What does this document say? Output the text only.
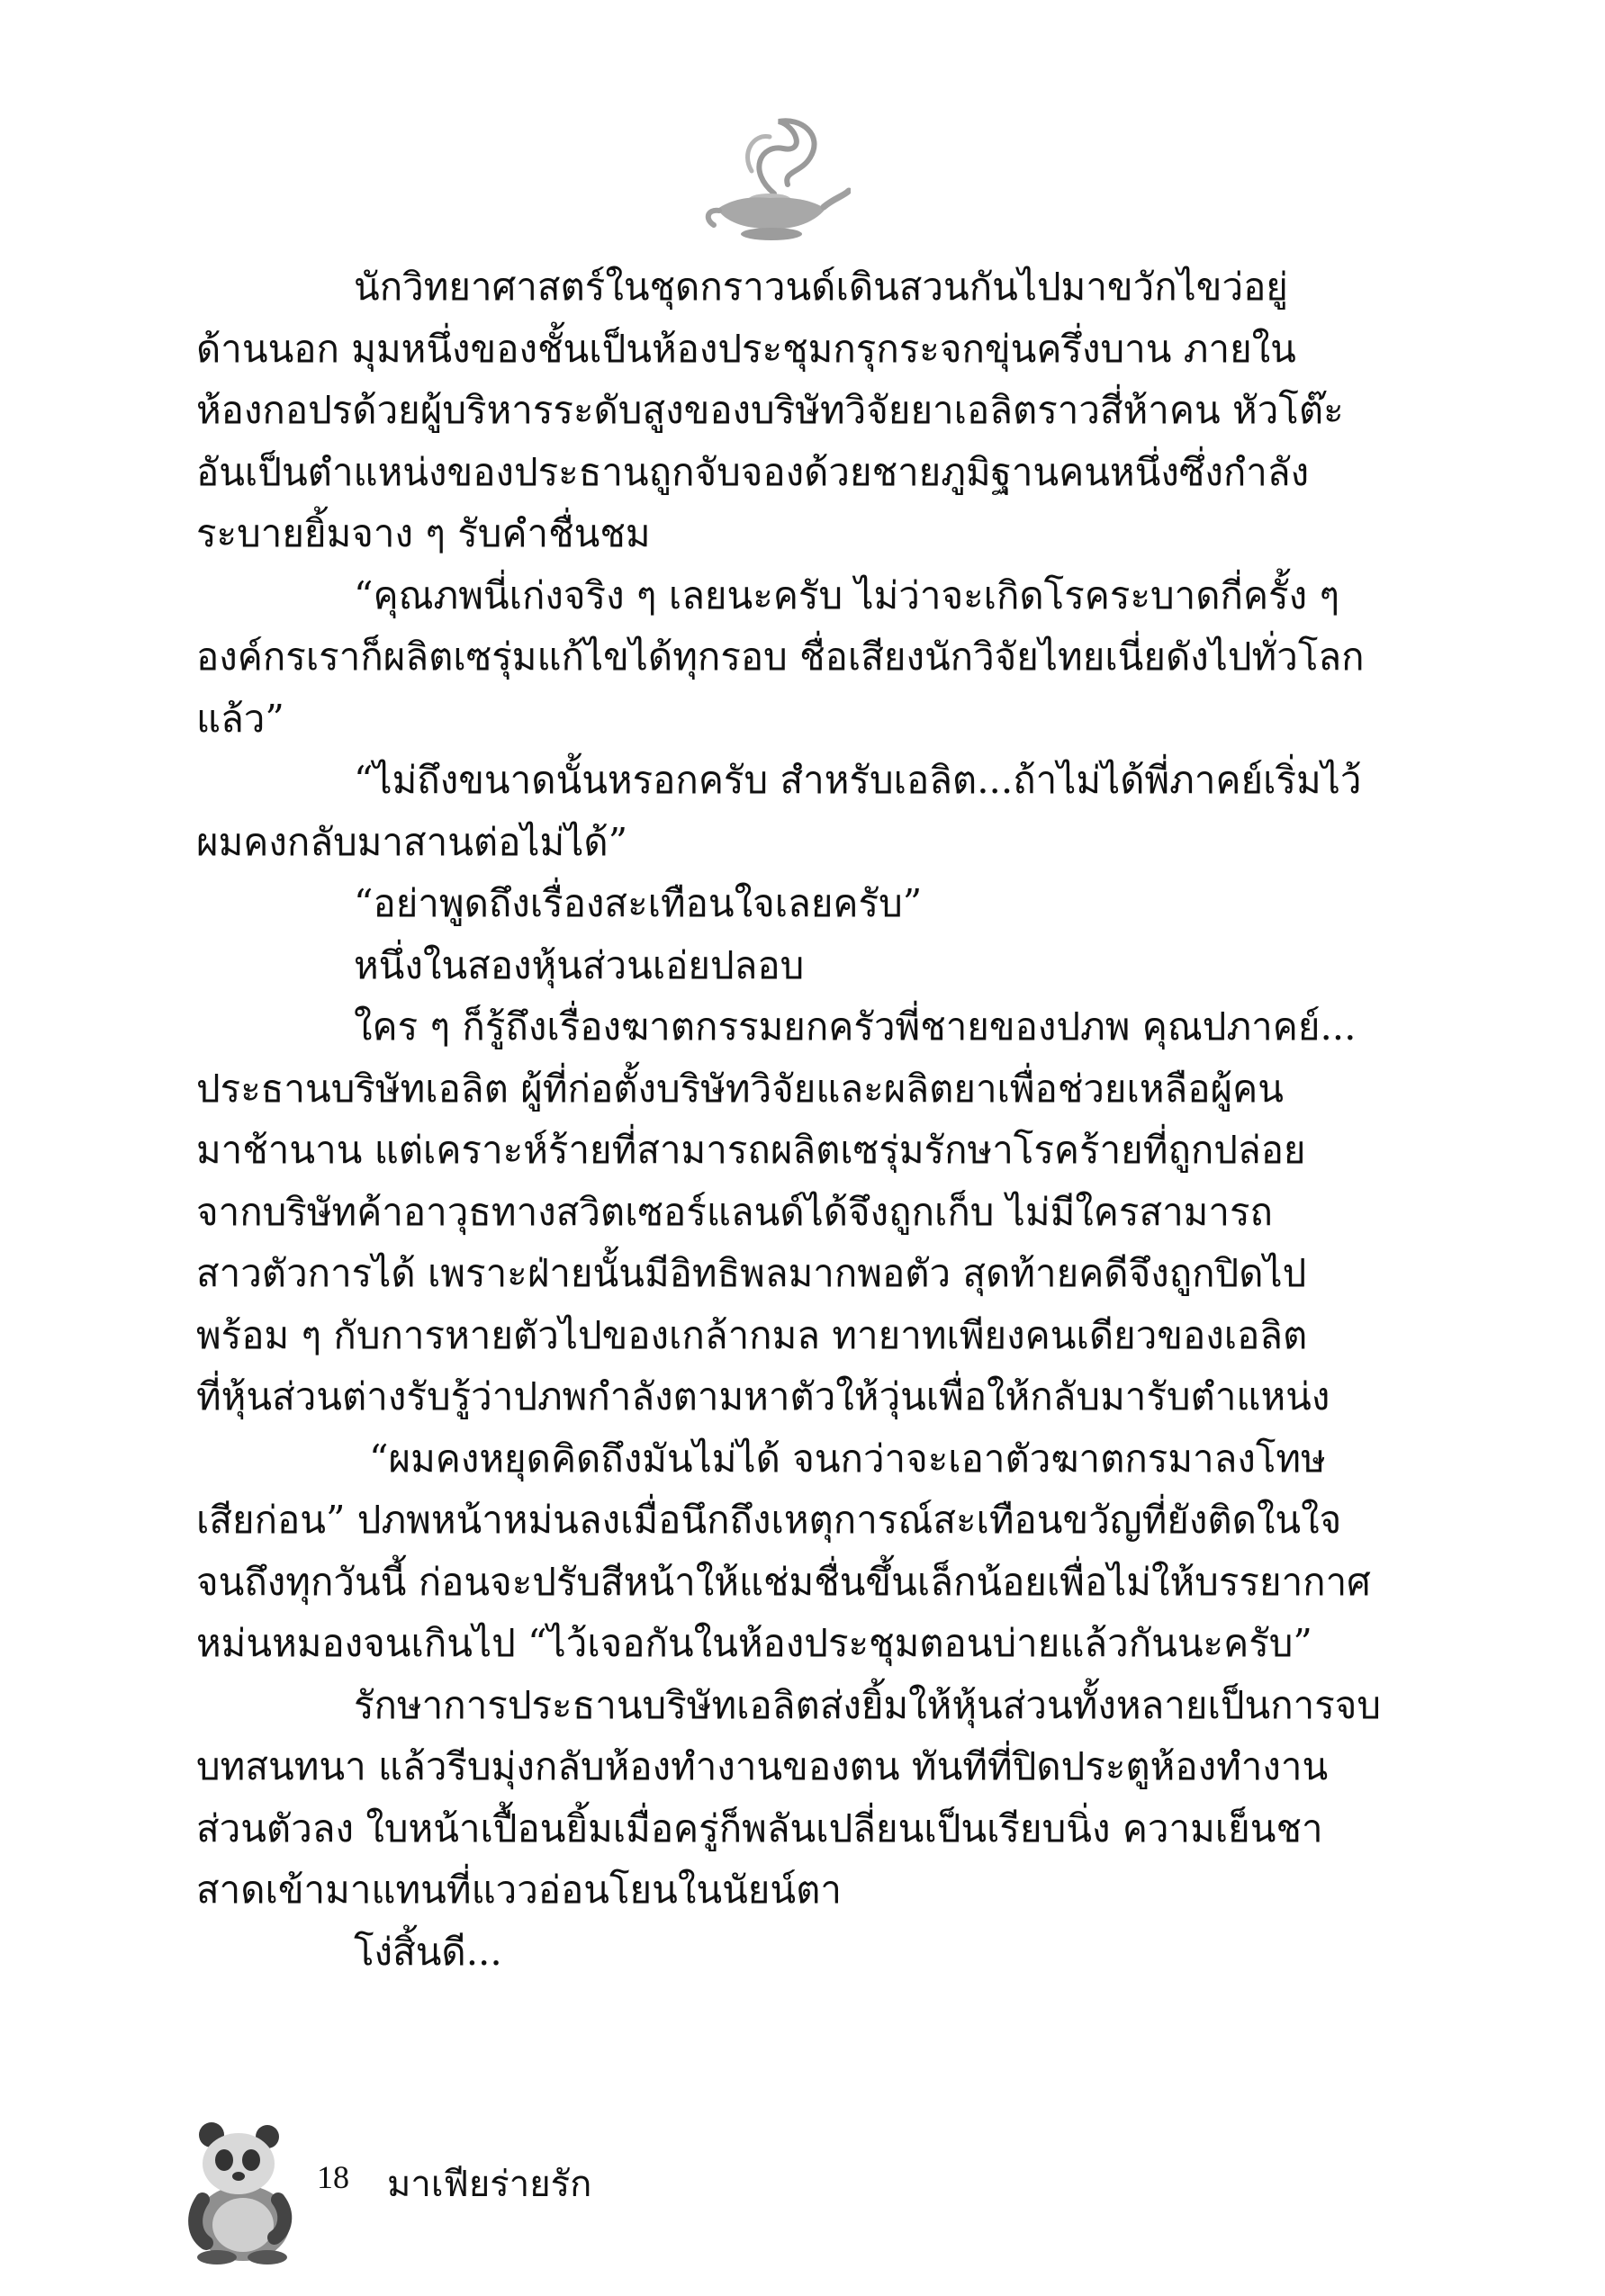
นักวิทยาศาสตร์ในชุดกราวนด์เดินสวนกันไปมาขวักไขว่อยู่
ด้านนอก มุมหนึ่งของชั้นเป็นห้องประชุมกรุกระจกขุ่นครึ่งบาน ภายใน
ห้องกอปรด้วยผู้บริหารระดับสูงของบริษัทวิจัยยาเอลิตราวสี่ห้าคน หัวโต๊ะ
อันเป็นตำแหน่งของประธานถูกจับจองด้วยชายภูมิฐานคนหนึ่งซึ่งกำลัง
ระบายยิ้มจาง ๆ รับคำชื่นชม
“คุณภพนี่เก่งจริง ๆ เลยนะครับ ไม่ว่าจะเกิดโรคระบาดกี่ครั้ง ๆ
องค์กรเราก็ผลิตเซรุ่มแก้ไขได้ทุกรอบ ชื่อเสียงนักวิจัยไทยเนี่ยดังไปทั่วโลก
แล้ว”
“ไม่ถึงขนาดนั้นหรอกครับ สำหรับเอลิต...ถ้าไม่ได้พี่ภาคย์เริ่มไว้
ผมคงกลับมาสานต่อไม่ได้”
“อย่าพูดถึงเรื่องสะเทือนใจเลยครับ”
หนึ่งในสองหุ้นส่วนเอ่ยปลอบ
ใคร ๆ ก็รู้ถึงเรื่องฆาตกรรมยกครัวพี่ชายของปภพ คุณปภาคย์...
ประธานบริษัทเอลิต ผู้ที่ก่อตั้งบริษัทวิจัยและผลิตยาเพื่อช่วยเหลือผู้คน
มาช้านาน แต่เคราะห์ร้ายที่สามารถผลิตเซรุ่มรักษาโรคร้ายที่ถูกปล่อย
จากบริษัทค้าอาวุธทางสวิตเซอร์แลนด์ได้จึงถูกเก็บ ไม่มีใครสามารถ
สาวตัวการได้ เพราะฝ่ายนั้นมีอิทธิพลมากพอตัว สุดท้ายคดีจึงถูกปิดไป
พร้อม ๆ กับการหายตัวไปของเกล้ากมล ทายาทเพียงคนเดียวของเอลิต
ที่หุ้นส่วนต่างรับรู้ว่าปภพกำลังตามหาตัวให้วุ่นเพื่อให้กลับมารับตำแหน่ง
“ผมคงหยุดคิดถึงมันไม่ได้ จนกว่าจะเอาตัวฆาตกรมาลงโทษ
เสียก่อน” ปภพหน้าหม่นลงเมื่อนึกถึงเหตุการณ์สะเทือนขวัญที่ยังติดในใจ
จนถึงทุกวันนี้ ก่อนจะปรับสีหน้าให้แช่มชื่นขึ้นเล็กน้อยเพื่อไม่ให้บรรยากาศ
หม่นหมองจนเกินไป “ไว้เจอกันในห้องประชุมตอนบ่ายแล้วกันนะครับ”
รักษาการประธานบริษัทเอลิตส่งยิ้มให้หุ้นส่วนทั้งหลายเป็นการจบ
บทสนทนา แล้วรีบมุ่งกลับห้องทำงานของตน ทันทีที่ปิดประตูห้องทำงาน
ส่วนตัวลง ใบหน้าเปื้อนยิ้มเมื่อครู่ก็พลันเปลี่ยนเป็นเรียบนิ่ง ความเย็นชา
สาดเข้ามาแทนที่แววอ่อนโยนในนัยน์ตา
โง่สิ้นดี...
18 มาเฟียร่ายรัก
